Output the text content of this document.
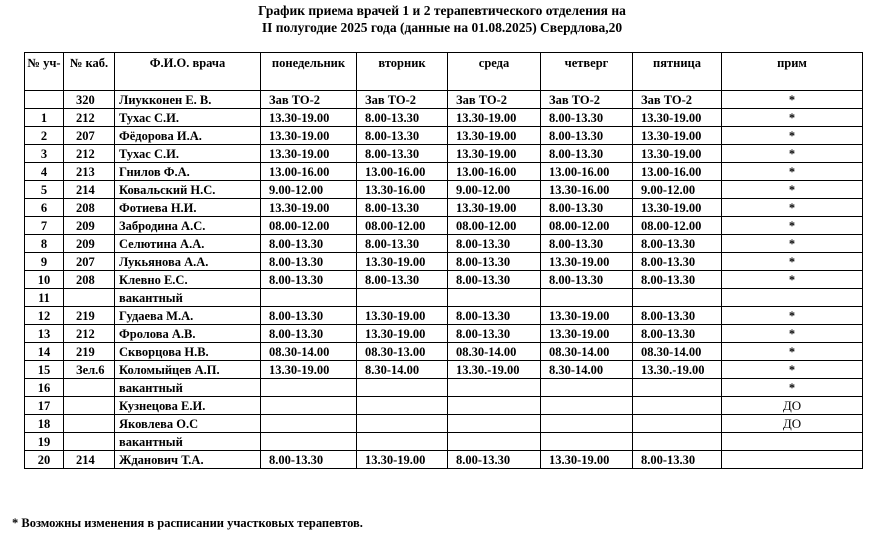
График приема врачей 1 и 2 терапевтического отделения на
II полугодие 2025 года (данные на 01.08.2025) Свердлова,20
№ уч-	№ каб.	Ф.И.О. врача	понедельник	вторник	среда	четверг	пятница	прим
	320	Лиукконен Е. В.	Зав ТО-2	Зав ТО-2	Зав ТО-2	Зав ТО-2	Зав ТО-2	*
1	212	Тухас С.И.	13.30-19.00	8.00-13.30	13.30-19.00	8.00-13.30	13.30-19.00	*
2	207	Фёдорова И.А.	13.30-19.00	8.00-13.30	13.30-19.00	8.00-13.30	13.30-19.00	*
3	212	Тухас С.И.	13.30-19.00	8.00-13.30	13.30-19.00	8.00-13.30	13.30-19.00	*
4	213	Гнилов Ф.А.	13.00-16.00	13.00-16.00	13.00-16.00	13.00-16.00	13.00-16.00	*
5	214	Ковальский Н.С.	9.00-12.00	13.30-16.00	9.00-12.00	13.30-16.00	9.00-12.00	*
6	208	Фотиева Н.И.	13.30-19.00	8.00-13.30	13.30-19.00	8.00-13.30	13.30-19.00	*
7	209	Забродина А.С.	08.00-12.00	08.00-12.00	08.00-12.00	08.00-12.00	08.00-12.00	*
8	209	Селютина А.А.	8.00-13.30	8.00-13.30	8.00-13.30	8.00-13.30	8.00-13.30	*
9	207	Лукьянова А.А.	8.00-13.30	13.30-19.00	8.00-13.30	13.30-19.00	8.00-13.30	*
10	208	Клевно Е.С.	8.00-13.30	8.00-13.30	8.00-13.30	8.00-13.30	8.00-13.30	*
11		вакантный						
12	219	Гудаева М.А.	8.00-13.30	13.30-19.00	8.00-13.30	13.30-19.00	8.00-13.30	*
13	212	Фролова А.В.	8.00-13.30	13.30-19.00	8.00-13.30	13.30-19.00	8.00-13.30	*
14	219	Скворцова Н.В.	08.30-14.00	08.30-13.00	08.30-14.00	08.30-14.00	08.30-14.00	*
15	Зел.6	Коломыйцев А.П.	13.30-19.00	8.30-14.00	13.30.-19.00	8.30-14.00	13.30.-19.00	*
16		вакантный						*
17		Кузнецова Е.И.						ДО
18		Яковлева О.С						ДО
19		вакантный						
20	214	Жданович Т.А.	8.00-13.30	13.30-19.00	8.00-13.30	13.30-19.00	8.00-13.30	
* Возможны изменения в расписании участковых терапевтов.
